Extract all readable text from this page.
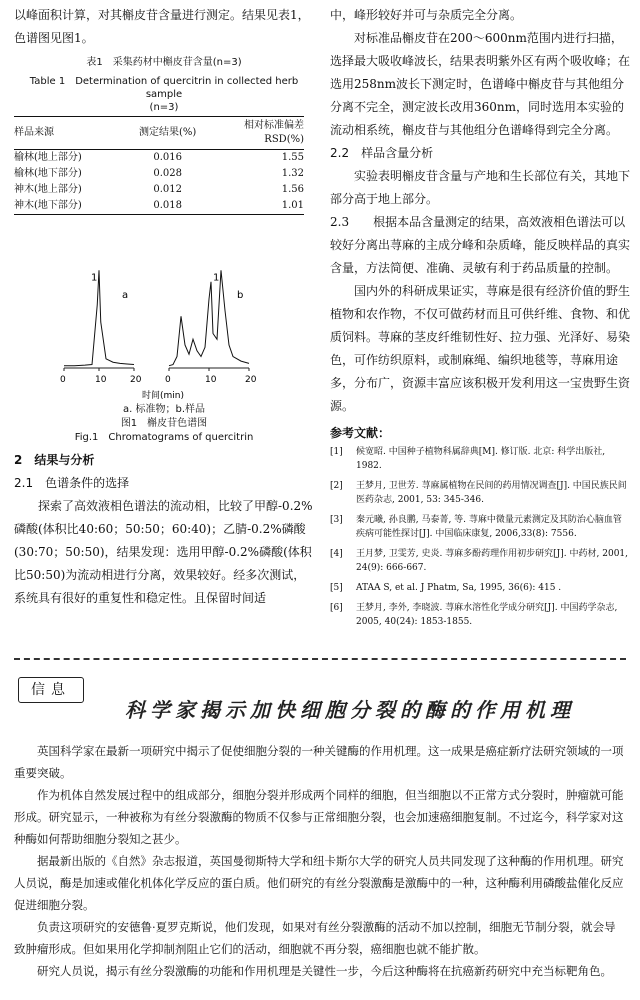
以峰面积计算，对其槲皮苷含量进行测定。结果见表1，色谱图见图1。

表1　采集药材中槲皮苷含量(n=3)
Table 1　Determination of quercitrin in collected herb sample
(n=3)
样品来源	测定结果(%)	相对标准偏差 RSD(%)
榆林(地上部分)	0.016	1.55
榆林(地下部分)	0.028	1.32
神木(地上部分)	0.012	1.56
神木(地下部分)	0.018	1.01
1
a
1
b
0	10	20	0	10	20
时间(min)
a. 标准物；b.样品
图1　槲皮苷色谱图
Fig.1　Chromatograms of quercitrin
2　结果与分析
2.1　色谱条件的选择

探索了高效液相色谱法的流动相，比较了甲醇-0.2%磷酸(体积比40:60；50:50；60:40)；乙腈-0.2%磷酸(30:70；50:50)，结果发现：选用甲醇-0.2%磷酸(体积比50:50)为流动相进行分离，效果较好。经多次测试，系统具有很好的重复性和稳定性。且保留时间适

中，峰形较好并可与杂质完全分离。

对标准品槲皮苷在200～600nm范围内进行扫描，选择最大吸收峰波长，结果表明紫外区有两个吸收峰；在选用258nm波长下测定时，色谱峰中槲皮苷与其他组分分离不完全，测定波长改用360nm，同时选用本实验的流动相系统，槲皮苷与其他组分色谱峰得到完全分离。

2.2　样品含量分析

实验表明槲皮苷含量与产地和生长部位有关，其地下部分高于地上部分。

2.3   根据本品含量测定的结果，高效液相色谱法可以较好分离出荨麻的主成分峰和杂质峰，能反映样品的真实含量，方法简便、准确、灵敏有利于药品质量的控制。

国内外的科研成果证实，荨麻是很有经济价值的野生植物和农作物，不仅可做药材而且可供纤维、食物、和优质饲料。荨麻的茎皮纤维韧性好、拉力强、光泽好、易染色，可作纺织原料，或制麻绳、编织地毯等，荨麻用途多，分布广，资源丰富应该积极开发利用这一宝贵野生资源。

参考文献：
[1]	候宽昭. 中国种子植物科属辞典[M]. 修订版. 北京: 科学出版社, 1982.
[2]	王梦月, 卫世芳. 荨麻属植物在民间的药用情况调查[J]. 中国民族民间医药杂志, 2001, 53: 345-346.
[3]	秦元曦, 孙良鹏, 马泰菁, 等. 荨麻中微量元素测定及其防治心脑血管疾病可能性探讨[J]. 中国临床康复, 2006,33(8): 7556.
[4]	王月梦, 卫雯芳, 史炎. 荨麻多酚药理作用初步研究[J]. 中药材, 2001, 24(9): 666-667.
[5]	ATAA S, et al. J Phatm, Sa, 1995, 36(6): 415 .
[6]	王梦月, 李外, 李晓波. 荨麻水溶性化学成分研究[J]. 中国药学杂志, 2005, 40(24): 1853-1855.
信息
科学家揭示加快细胞分裂的酶的作用机理

英国科学家在最新一项研究中揭示了促使细胞分裂的一种关键酶的作用机理。这一成果是癌症新疗法研究领域的一项重要突破。

作为机体自然发展过程中的组成部分，细胞分裂并形成两个同样的细胞，但当细胞以不正常方式分裂时，肿瘤就可能形成。研究显示，一种被称为有丝分裂激酶的物质不仅参与正常细胞分裂，也会加速癌细胞复制。不过迄今，科学家对这种酶如何帮助细胞分裂知之甚少。

据最新出版的《自然》杂志报道，英国曼彻斯特大学和纽卡斯尔大学的研究人员共同发现了这种酶的作用机理。研究人员说，酶是加速或催化机体化学反应的蛋白质。他们研究的有丝分裂激酶是激酶中的一种，这种酶利用磷酸盐催化反应促进细胞分裂。

负责这项研究的安德鲁·夏罗克斯说，他们发现，如果对有丝分裂激酶的活动不加以控制，细胞无节制分裂，就会导致肿瘤形成。但如果用化学抑制剂阻止它们的活动，细胞就不再分裂，癌细胞也就不能扩散。

研究人员说，揭示有丝分裂激酶的功能和作用机理是关键性一步，今后这种酶将在抗癌新药研究中充当标靶角色。
